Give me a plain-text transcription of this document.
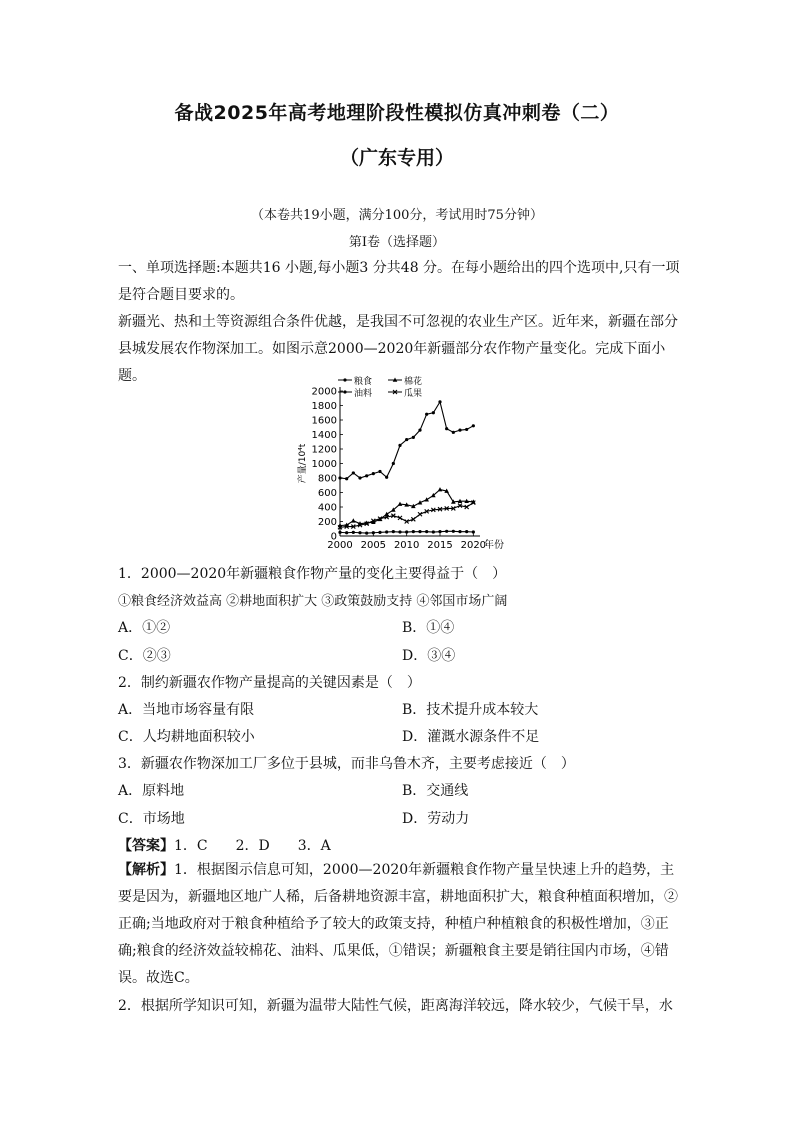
备战2025年高考地理阶段性模拟仿真冲刺卷（二）
（广东专用）
（本卷共19小题，满分100分，考试用时75分钟）
第Ⅰ卷（选择题）
一、单项选择题:本题共16 小题,每小题3 分共48 分。在每小题给出的四个选项中,只有一项是符合题目要求的。
新疆光、热和土等资源组合条件优越，是我国不可忽视的农业生产区。近年来，新疆在部分县城发展农作物深加工。如图示意2000—2020年新疆部分农作物产量变化。完成下面小题。
0
200
400
600
800
1000
1200
1400
1600
1800
2000
2000 2005 2010 2015 2020
年份
产量/10⁴t
粮食	棉花
油料	瓜果
1．2000—2020年新疆粮食作物产量的变化主要得益于（　）
①粮食经济效益高 ②耕地面积扩大 ③政策鼓励支持 ④邻国市场广阔
A．①②	B．①④
C．②③	D．③④
2．制约新疆农作物产量提高的关键因素是（　）
A．当地市场容量有限	B．技术提升成本较大
C．人均耕地面积较小	D．灌溉水源条件不足
3．新疆农作物深加工厂多位于县城，而非乌鲁木齐，主要考虑接近（　）
A．原料地	B．交通线
C．市场地	D．劳动力
【答案】1．C　　2．D　　3．A
【解析】1．根据图示信息可知，2000—2020年新疆粮食作物产量呈快速上升的趋势，主要是因为，新疆地区地广人稀，后备耕地资源丰富，耕地面积扩大，粮食种植面积增加，②正确;当地政府对于粮食种植给予了较大的政策支持，种植户种植粮食的积极性增加，③正确;粮食的经济效益较棉花、油料、瓜果低，①错误；新疆粮食主要是销往国内市场，④错误。故选C。
2．根据所学知识可知，新疆为温带大陆性气候，距离海洋较远，降水较少，气候干旱，水
